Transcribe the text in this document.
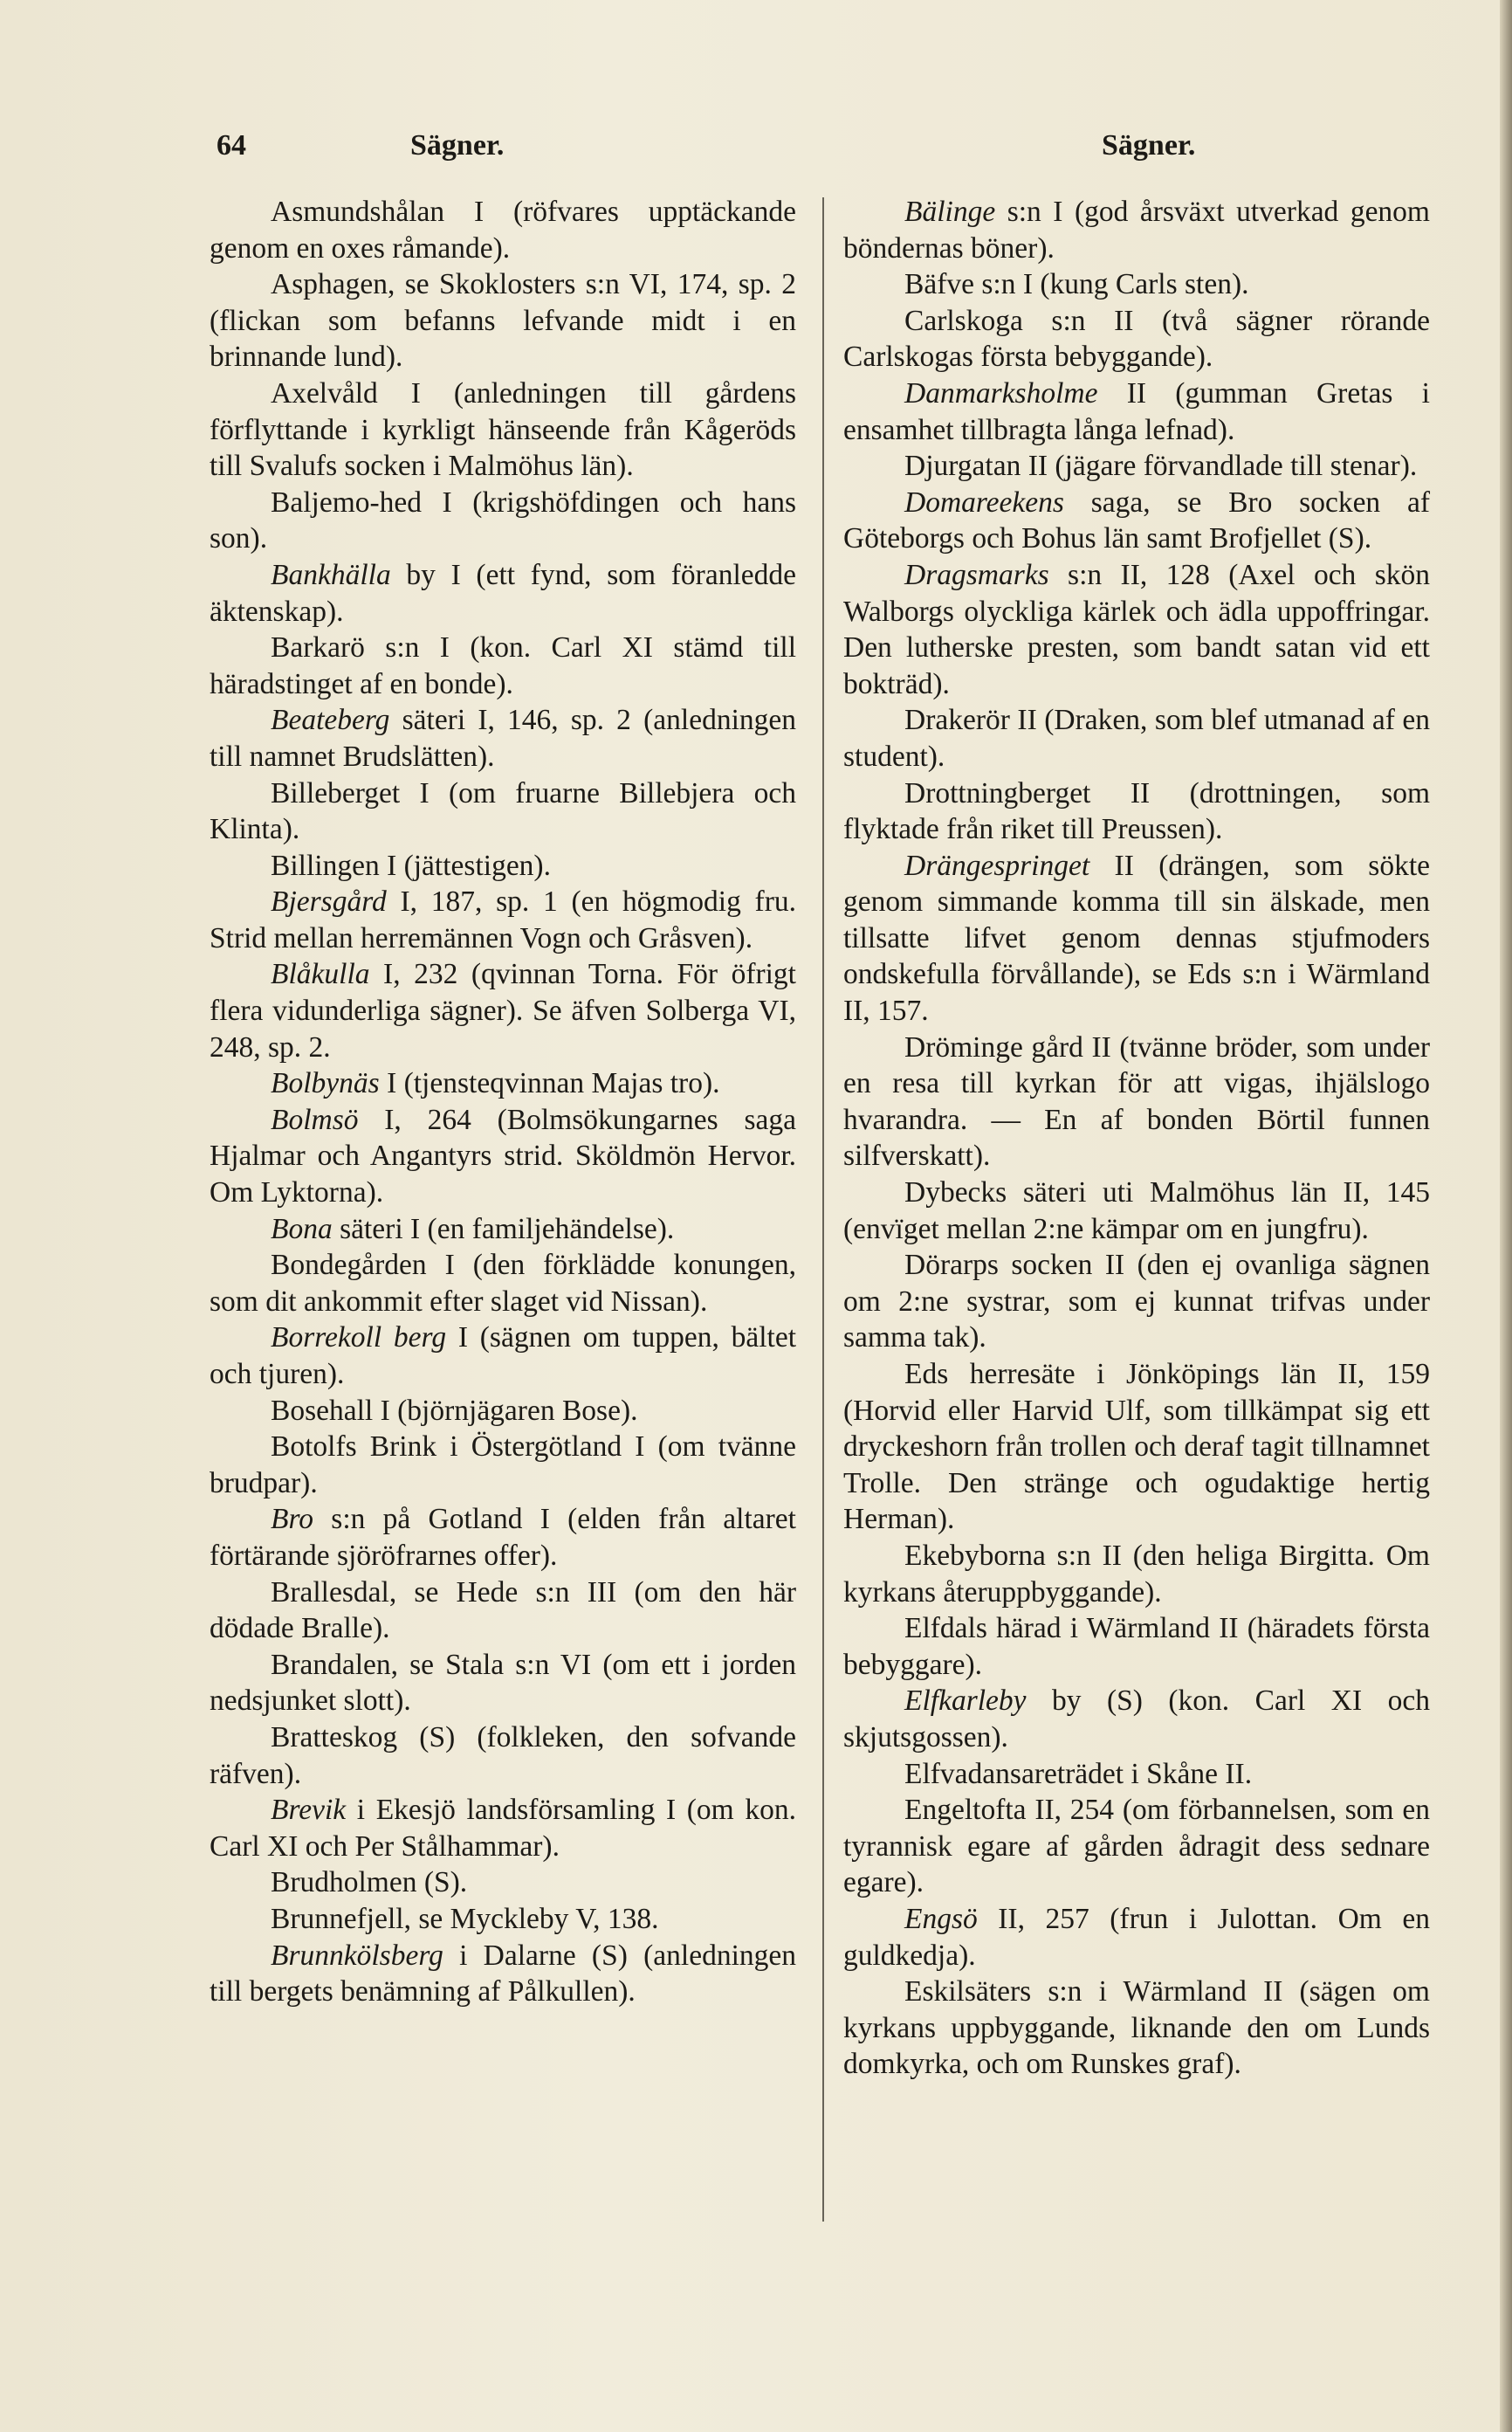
64	Sägner.	Sägner.

Asmundshålan I (röfvares upptäckande genom en oxes råmande).

Asphagen, se Skoklosters s:n VI, 174, sp. 2 (flickan som befanns lefvande midt i en brinnande lund).

Axelvåld I (anledningen till gårdens förflyttande i kyrkligt hänseende från Kågeröds till Svalufs socken i Malmöhus län).

Baljemo-hed I (krigshöfdingen och hans son).

Bankhälla by I (ett fynd, som föranledde äktenskap).

Barkarö s:n I (kon. Carl XI stämd till häradstinget af en bonde).

Beateberg säteri I, 146, sp. 2 (anledningen till namnet Brudslätten).

Billeberget I (om fruarne Billebjera och Klinta).

Billingen I (jättestigen).

Bjersgård I, 187, sp. 1 (en högmodig fru. Strid mellan herremännen Vogn och Gråsven).

Blåkulla I, 232 (qvinnan Torna. För öfrigt flera vidunderliga sägner). Se äfven Solberga VI, 248, sp. 2.

Bolbynäs I (tjensteqvinnan Majas tro).

Bolmsö I, 264 (Bolmsökungarnes saga Hjalmar och Angantyrs strid. Sköldmön Hervor. Om Lyktorna).

Bona säteri I (en familjehändelse).

Bondegården I (den förklädde konungen, som dit ankommit efter slaget vid Nissan).

Borrekoll berg I (sägnen om tuppen, bältet och tjuren).

Bosehall I (björnjägaren Bose).

Botolfs Brink i Östergötland I (om tvänne brudpar).

Bro s:n på Gotland I (elden från altaret förtärande sjöröfrarnes offer).

Brallesdal, se Hede s:n III (om den här dödade Bralle).

Brandalen, se Stala s:n VI (om ett i jorden nedsjunket slott).

Bratteskog (S) (folkleken, den sofvande räfven).

Brevik i Ekesjö landsförsamling I (om kon. Carl XI och Per Stålhammar).

Brudholmen (S).

Brunnefjell, se Myckleby V, 138.

Brunnkölsberg i Dalarne (S) (anledningen till bergets benämning af Pålkullen).

Bälinge s:n I (god årsväxt utverkad genom böndernas böner).

Bäfve s:n I (kung Carls sten).

Carlskoga s:n II (två sägner rörande Carlskogas första bebyggande).

Danmarksholme II (gumman Gretas i ensamhet tillbragta långa lefnad).

Djurgatan II (jägare förvandlade till stenar).

Domareekens saga, se Bro socken af Göteborgs och Bohus län samt Brofjellet (S).

Dragsmarks s:n II, 128 (Axel och skön Walborgs olyckliga kärlek och ädla uppoffringar. Den lutherske presten, som bandt satan vid ett bokträd).

Drakerör II (Draken, som blef utmanad af en student).

Drottningberget II (drottningen, som flyktade från riket till Preussen).

Drängespringet II (drängen, som sökte genom simmande komma till sin älskade, men tillsatte lifvet genom dennas stjufmoders ondskefulla förvållande), se Eds s:n i Wärmland II, 157.

Dröminge gård II (tvänne bröder, som under en resa till kyrkan för att vigas, ihjälslogo hvarandra. — En af bonden Börtil funnen silfverskatt).

Dybecks säteri uti Malmöhus län II, 145 (envïget mellan 2:ne kämpar om en jungfru).

Dörarps socken II (den ej ovanliga sägnen om 2:ne systrar, som ej kunnat trifvas under samma tak).

Eds herresäte i Jönköpings län II, 159 (Horvid eller Harvid Ulf, som tillkämpat sig ett dryckeshorn från trollen och deraf tagit tillnamnet Trolle. Den stränge och ogudaktige hertig Herman).

Ekebyborna s:n II (den heliga Birgitta. Om kyrkans återuppbyggande).

Elfdals härad i Wärmland II (häradets första bebyggare).

Elfkarleby by (S) (kon. Carl XI och skjutsgossen).

Elfvadansareträdet i Skåne II.

Engeltofta II, 254 (om förbannelsen, som en tyrannisk egare af gården ådragit dess sednare egare).

Engsö II, 257 (frun i Julottan. Om en guldkedja).

Eskilsäters s:n i Wärmland II (sägen om kyrkans uppbyggande, liknande den om Lunds domkyrka, och om Runskes graf).
